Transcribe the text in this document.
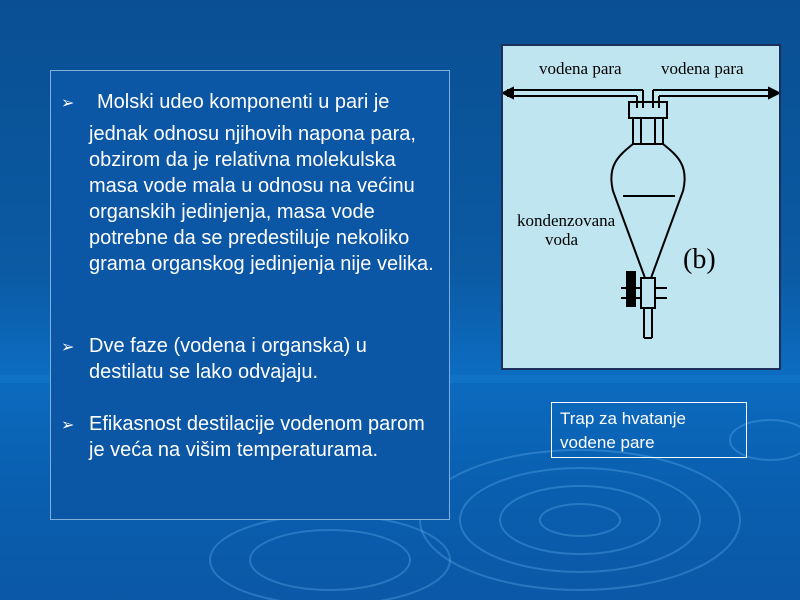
➢ Molski udeo komponenti u pari je
jednak odnosu njihovih napona para, obzirom da je relativna molekulska masa vode mala u odnosu na većinu organskih jedinjenja, masa vode potrebne da se predestiluje nekoliko grama organskog jedinjenja nije velika.
➢ Dve faze (vodena i organska) u destilatu se lako odvajaju.
➢ Efikasnost destilacije vodenom parom je veća na višim temperaturama.
vodena para vodena para
kondenzovana
voda
(b)
Trap za hvatanje vodene pare
